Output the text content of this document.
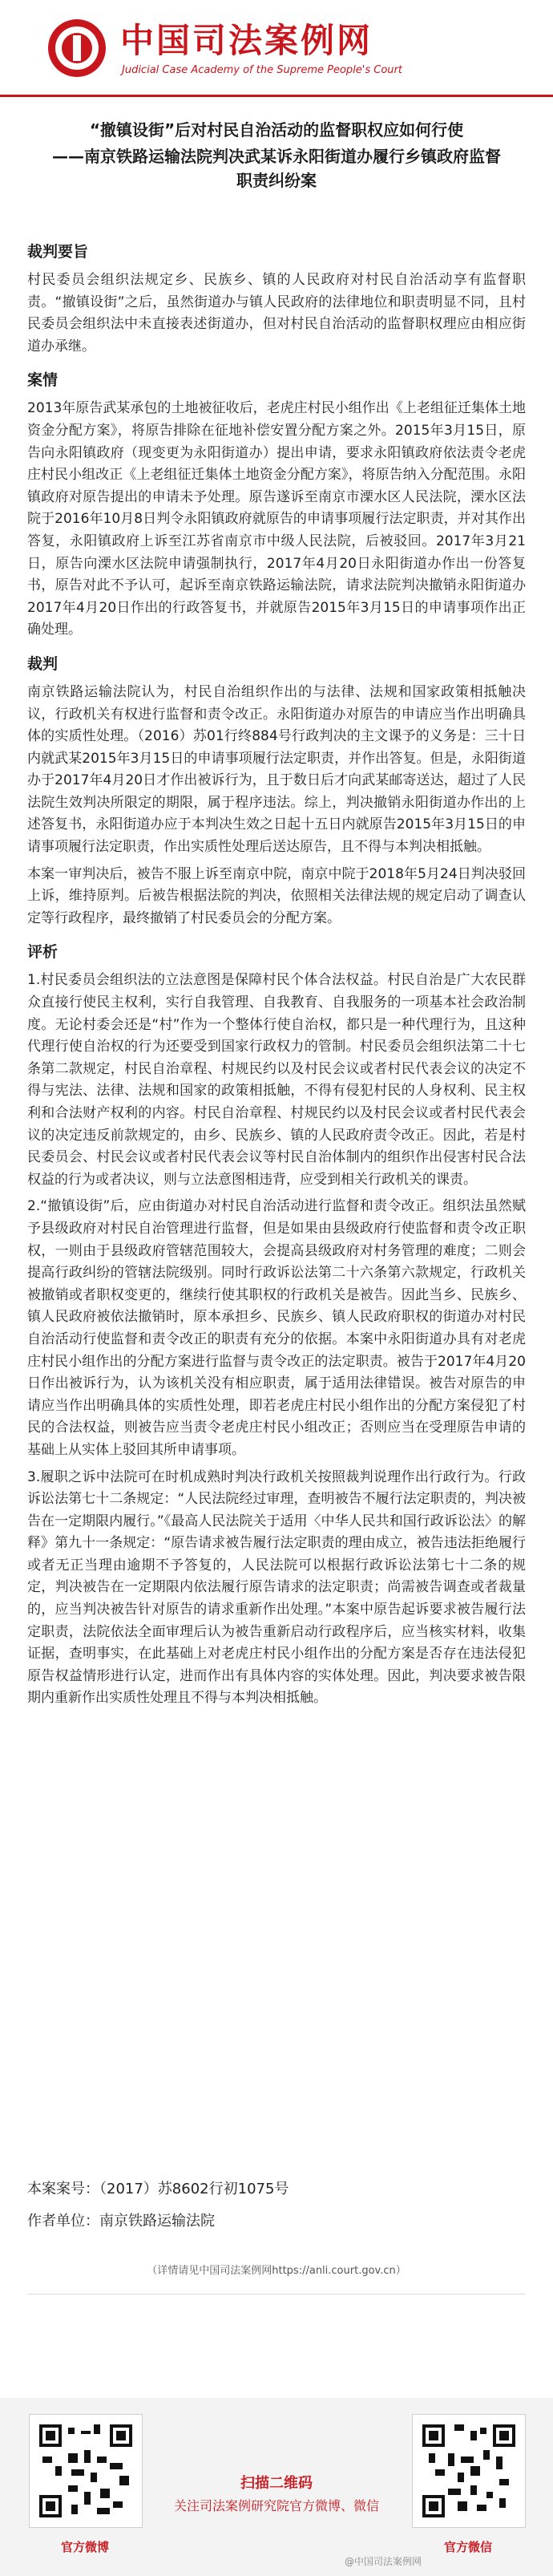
中国司法案例网
Judicial Case Academy of the Supreme People's Court
“撤镇设街”后对村民自治活动的监督职权应如何行使
——南京铁路运输法院判决武某诉永阳街道办履行乡镇政府监督职责纠纷案

裁判要旨

村民委员会组织法规定乡、民族乡、镇的人民政府对村民自治活动享有监督职责。“撤镇设街”之后，虽然街道办与镇人民政府的法律地位和职责明显不同，且村民委员会组织法中未直接表述街道办，但对村民自治活动的监督职权理应由相应街道办承继。

案情

2013年原告武某承包的土地被征收后，老虎庄村民小组作出《上老组征迁集体土地资金分配方案》，将原告排除在征地补偿安置分配方案之外。2015年3月15日，原告向永阳镇政府（现变更为永阳街道办）提出申请，要求永阳镇政府依法责令老虎庄村民小组改正《上老组征迁集体土地资金分配方案》，将原告纳入分配范围。永阳镇政府对原告提出的申请未予处理。原告遂诉至南京市溧水区人民法院，溧水区法院于2016年10月8日判令永阳镇政府就原告的申请事项履行法定职责，并对其作出答复，永阳镇政府上诉至江苏省南京市中级人民法院，后被驳回。2017年3月21日，原告向溧水区法院申请强制执行，2017年4月20日永阳街道办作出一份答复书，原告对此不予认可，起诉至南京铁路运输法院，请求法院判决撤销永阳街道办2017年4月20日作出的行政答复书，并就原告2015年3月15日的申请事项作出正确处理。

裁判

南京铁路运输法院认为，村民自治组织作出的与法律、法规和国家政策相抵触决议，行政机关有权进行监督和责令改正。永阳街道办对原告的申请应当作出明确具体的实质性处理。（2016）苏01行终884号行政判决的主文课予的义务是：三十日内就武某2015年3月15日的申请事项履行法定职责，并作出答复。但是，永阳街道办于2017年4月20日才作出被诉行为，且于数日后才向武某邮寄送达，超过了人民法院生效判决所限定的期限，属于程序违法。综上，判决撤销永阳街道办作出的上述答复书，永阳街道办应于本判决生效之日起十五日内就原告2015年3月15日的申请事项履行法定职责，作出实质性处理后送达原告，且不得与本判决相抵触。

本案一审判决后，被告不服上诉至南京中院，南京中院于2018年5月24日判决驳回上诉，维持原判。后被告根据法院的判决，依照相关法律法规的规定启动了调查认定等行政程序，最终撤销了村民委员会的分配方案。

评析

1.村民委员会组织法的立法意图是保障村民个体合法权益。村民自治是广大农民群众直接行使民主权利，实行自我管理、自我教育、自我服务的一项基本社会政治制度。无论村委会还是“村”作为一个整体行使自治权，都只是一种代理行为，且这种代理行使自治权的行为还要受到国家行政权力的管制。村民委员会组织法第二十七条第二款规定，村民自治章程、村规民约以及村民会议或者村民代表会议的决定不得与宪法、法律、法规和国家的政策相抵触，不得有侵犯村民的人身权利、民主权利和合法财产权利的内容。村民自治章程、村规民约以及村民会议或者村民代表会议的决定违反前款规定的，由乡、民族乡、镇的人民政府责令改正。因此，若是村民委员会、村民会议或者村民代表会议等村民自治体制内的组织作出侵害村民合法权益的行为或者决议，则与立法意图相违背，应受到相关行政机关的课责。

2.“撤镇设街”后，应由街道办对村民自治活动进行监督和责令改正。组织法虽然赋予县级政府对村民自治管理进行监督，但是如果由县级政府行使监督和责令改正职权，一则由于县级政府管辖范围较大，会提高县级政府对村务管理的难度；二则会提高行政纠纷的管辖法院级别。同时行政诉讼法第二十六条第六款规定，行政机关被撤销或者职权变更的，继续行使其职权的行政机关是被告。因此当乡、民族乡、镇人民政府被依法撤销时，原本承担乡、民族乡、镇人民政府职权的街道办对村民自治活动行使监督和责令改正的职责有充分的依据。本案中永阳街道办具有对老虎庄村民小组作出的分配方案进行监督与责令改正的法定职责。被告于2017年4月20日作出被诉行为，认为该机关没有相应职责，属于适用法律错误。被告对原告的申请应当作出明确具体的实质性处理，即若老虎庄村民小组作出的分配方案侵犯了村民的合法权益，则被告应当责令老虎庄村民小组改正；否则应当在受理原告申请的基础上从实体上驳回其所申请事项。

3.履职之诉中法院可在时机成熟时判决行政机关按照裁判说理作出行政行为。行政诉讼法第七十二条规定：“人民法院经过审理，查明被告不履行法定职责的，判决被告在一定期限内履行。”《最高人民法院关于适用〈中华人民共和国行政诉讼法〉的解释》第九十一条规定：“原告请求被告履行法定职责的理由成立，被告违法拒绝履行或者无正当理由逾期不予答复的，人民法院可以根据行政诉讼法第七十二条的规定，判决被告在一定期限内依法履行原告请求的法定职责；尚需被告调查或者裁量的，应当判决被告针对原告的请求重新作出处理。”本案中原告起诉要求被告履行法定职责，法院依法全面审理后认为被告重新启动行政程序后，应当核实材料，收集证据，查明事实，在此基础上对老虎庄村民小组作出的分配方案是否存在违法侵犯原告权益情形进行认定，进而作出有具体内容的实体处理。因此，判决要求被告限期内重新作出实质性处理且不得与本判决相抵触。

本案案号：（2017）苏8602行初1075号
作者单位：南京铁路运输法院
（详情请见中国司法案例网https://anli.court.gov.cn）
扫描二维码
关注司法案例研究院官方微博、微信
官方微博	官方微信
@中国司法案例网
